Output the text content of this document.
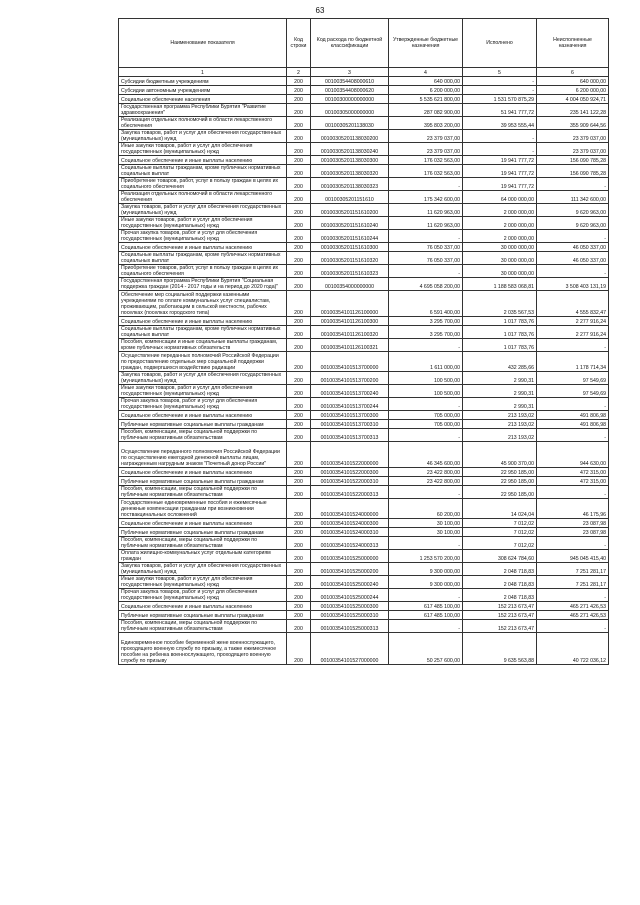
63
Наименование показателя	Код строки	Код расхода по бюджетной классификации	Утвержденные бюджетные назначения	Исполнено	Неисполненные назначения
1	2	3	4	5	6
Субсидии бюджетным учреждениям	200	00100354408000610	640 000,00	-	640 000,00
Субсидии автономным учреждениям	200	00100354408000620	6 200 000,00	-	6 200 000,00
Социальное обеспечение населения	200	00100300000000000	5 535 621 800,00	1 531 570 875,29	4 004 050 924,71
Государственная программа Республики Бурятия "Развитие здравоохранения"	200	00100305000000000	287 082 900,00	51 941 777,72	235 141 122,28
Реализация отдельных полномочий в области лекарственного обеспечения	200	00100305201138030	395 803 200,00	39 953 555,44	355 909 644,56
Закупка товаров, работ и услуг для обеспечения государственных (муниципальных) нужд	200	00100305201138030200	23 379 037,00	-	23 379 037,00
Иные закупки товаров, работ и услуг для обеспечения государственных (муниципальных) нужд	200	00100305201138030240	23 379 037,00	-	23 379 037,00
Социальное обеспечение и иные выплаты населению	200	00100305201138030300	176 032 563,00	19 941 777,72	156 090 785,28
Социальные выплаты гражданам, кроме публичных нормативных социальных выплат	200	00100305201138030320	176 032 563,00	19 941 777,72	156 090 785,28
Приобретение товаров, работ, услуг в пользу граждан в целях их социального обеспечения	200	00100305201138030323	-	19 941 777,72	-
Реализация отдельных полномочий в области лекарственного обеспечения	200	00100305201151610	175 342 600,00	64 000 000,00	111 342 600,00
Закупка товаров, работ и услуг для обеспечения государственных (муниципальных) нужд	200	00100305201151610200	11 620 963,00	2 000 000,00	9 620 963,00
Иные закупки товаров, работ и услуг для обеспечения государственных (муниципальных) нужд	200	00100305201151610240	11 620 963,00	2 000 000,00	9 620 963,00
Прочая закупка товаров, работ и услуг для обеспечения государственных (муниципальных) нужд	200	00100305201151610244	-	2 000 000,00	-
Социальное обеспечение и иные выплаты населению	200	00100305201151610300	76 050 337,00	30 000 000,00	46 050 337,00
Социальные выплаты гражданам, кроме публичных нормативных социальных выплат	200	00100305201151610320	76 050 337,00	30 000 000,00	46 050 337,00
Приобретение товаров, работ, услуг в пользу граждан в целях их социального обеспечения	200	00100305201151610323	-	30 000 000,00	-
Государственная программа Республики Бурятия "Социальная поддержка граждан (2014 - 2017 годы и на период до 2020 года)"	200	00100354000000000	4 695 058 200,00	1 188 583 068,81	3 508 403 131,19
Обеспечение мер социальной поддержки казенными учреждениями по оплате коммунальных услуг специалистам, проживающим, работающим в сельской местности, рабочих поселках (поселках городского типа)	200	00100354101126100000	6 591 400,00	2 035 567,53	4 555 832,47
Социальное обеспечение и иные выплаты населению	200	00100354101126100300	3 295 700,00	1 017 783,76	2 277 916,24
Социальные выплаты гражданам, кроме публичных нормативных социальных выплат	200	00100354101126100320	3 295 700,00	1 017 783,76	2 277 916,24
Пособия, компенсации и иные социальные выплаты гражданам, кроме публичных нормативных обязательств	200	00100354101126100321	-	1 017 783,76	-
Осуществление переданных полномочий Российской Федерации по предоставлению отдельных мер социальной поддержки граждан, подвергшихся воздействию радиации	200	00100354101513700000	1 611 000,00	432 285,66	1 178 714,34
Закупка товаров, работ и услуг для обеспечения государственных (муниципальных) нужд	200	00100354101513700200	100 500,00	2 990,31	97 549,69
Иные закупки товаров, работ и услуг для обеспечения государственных (муниципальных) нужд	200	00100354101513700240	100 500,00	2 990,31	97 549,69
Прочая закупка товаров, работ и услуг для обеспечения государственных (муниципальных) нужд	200	00100354101513700244	-	2 990,31	-
Социальное обеспечение и иные выплаты населению	200	00100354101513700300	705 000,00	213 193,02	491 806,98
Публичные нормативные социальные выплаты гражданам	200	00100354101513700310	705 000,00	213 193,02	491 806,98
Пособия, компенсации, меры социальной поддержки по публичным нормативным обязательствам	200	00100354101513700313	-	213 193,02	-
Осуществление переданного полномочия Российской Федерации по осуществлению ежегодной денежной выплаты лицам, награжденным нагрудным знаком "Почетный донор России"	200	00100354101522000000	46 345 600,00	45 900 370,00	944 630,00
Социальное обеспечение и иные выплаты населению	200	00100354101522000300	23 422 800,00	22 950 185,00	472 315,00
Публичные нормативные социальные выплаты гражданам	200	00100354101522000310	23 422 800,00	22 950 185,00	472 315,00
Пособия, компенсации, меры социальной поддержки по публичным нормативным обязательствам	200	00100354101522000313	-	22 950 185,00	-
Государственные единовременные пособия и ежемесячные денежные компенсации гражданам при возникновении поствакцинальных осложнений	200	00100354101524000000	60 200,00	14 024,04	46 175,96
Социальное обеспечение и иные выплаты населению	200	00100354101524000300	30 100,00	7 012,02	23 087,98
Публичные нормативные социальные выплаты гражданам	200	00100354101524000310	30 100,00	7 012,02	23 087,98
Пособия, компенсации, меры социальной поддержки по публичным нормативным обязательствам	200	00100354101524000313	-	7 012,02	-
Оплата жилищно-коммунальных услуг отдельным категориям граждан	200	00100354101525000000	1 253 570 200,00	308 624 784,60	945 045 415,40
Закупка товаров, работ и услуг для обеспечения государственных (муниципальных) нужд	200	00100354101525000200	9 300 000,00	2 048 718,83	7 251 281,17
Иные закупки товаров, работ и услуг для обеспечения государственных (муниципальных) нужд	200	00100354101525000240	9 300 000,00	2 048 718,83	7 251 281,17
Прочая закупка товаров, работ и услуг для обеспечения государственных (муниципальных) нужд	200	00100354101525000244	-	2 048 718,83	-
Социальное обеспечение и иные выплаты населению	200	00100354101525000300	617 485 100,00	152 213 673,47	465 271 426,53
Публичные нормативные социальные выплаты гражданам	200	00100354101525000310	617 485 100,00	152 213 673,47	465 271 426,53
Пособия, компенсации, меры социальной поддержки по публичным нормативным обязательствам	200	00100354101525000313	-	152 213 673,47	-
Единовременное пособие беременной жене военнослужащего, проходящего военную службу по призыву, а также ежемесячное пособие на ребенка военнослужащего, проходящего военную службу по призыву	200	00100354101527000000	50 257 600,00	9 635 563,88	40 722 036,12
